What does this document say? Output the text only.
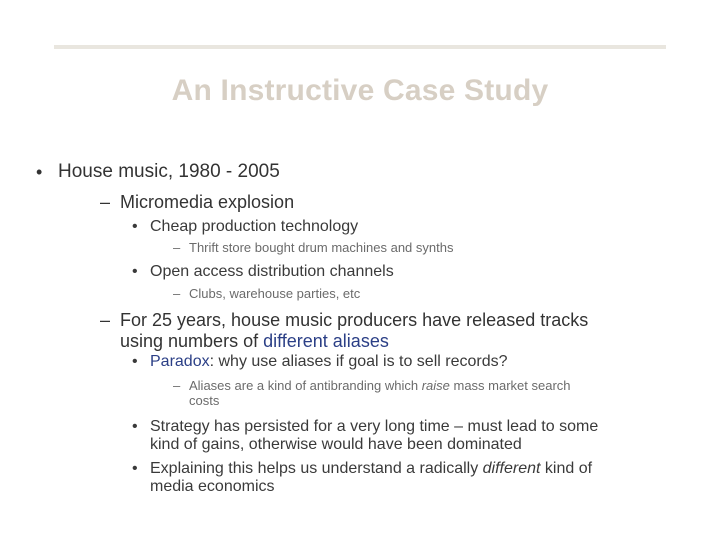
An Instructive Case Study
• House music, 1980 - 2005
– Micromedia explosion
• Cheap production technology
– Thrift store bought drum machines and synths
• Open access distribution channels
– Clubs, warehouse parties, etc
– For 25 years, house music producers have released tracks
using numbers of different aliases
• Paradox: why use aliases if goal is to sell records?
– Aliases are a kind of antibranding which raise mass market search
costs
• Strategy has persisted for a very long time – must lead to some
kind of gains, otherwise would have been dominated
• Explaining this helps us understand a radically different kind of
media economics
